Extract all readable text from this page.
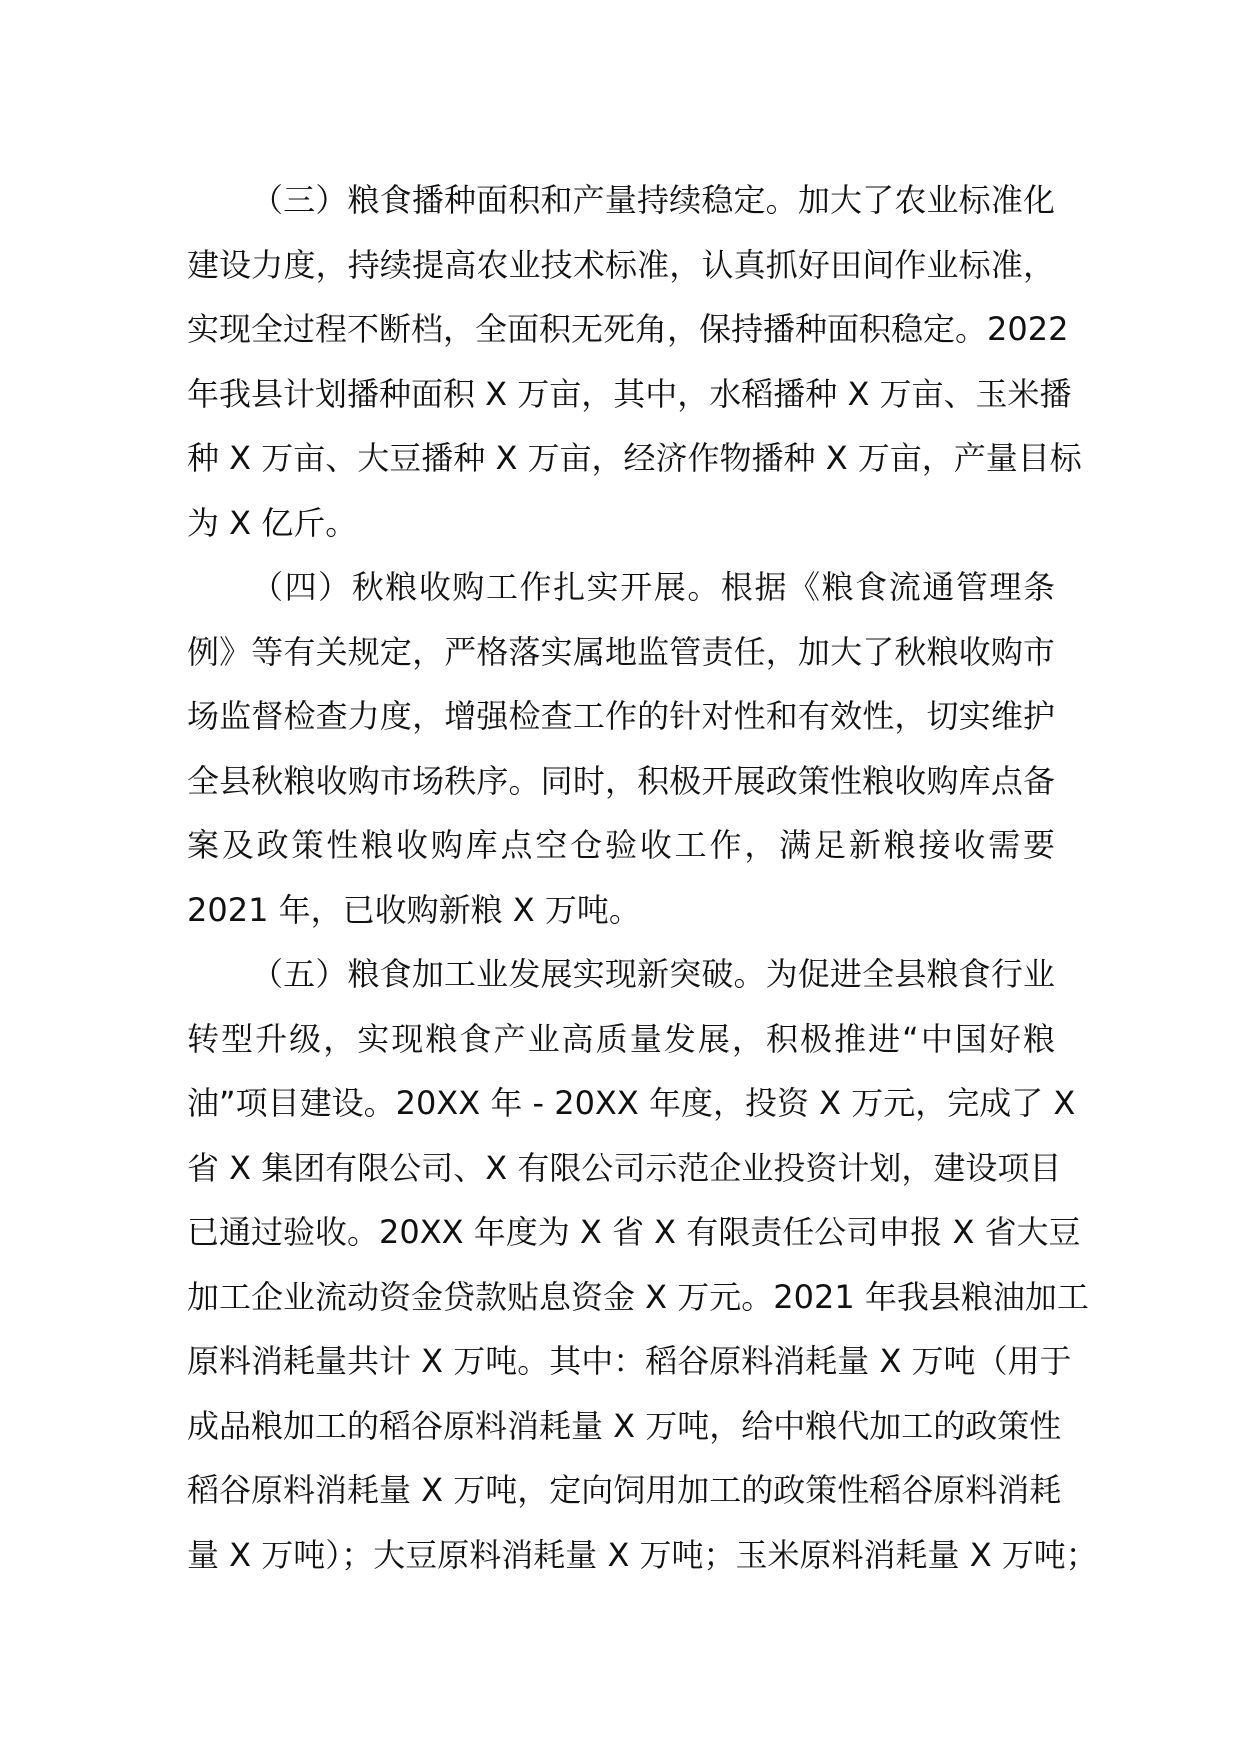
（三）粮食播种面积和产量持续稳定。加大了农业标准化
建设力度，持续提高农业技术标准，认真抓好田间作业标准，
实现全过程不断档，全面积无死角，保持播种面积稳定。2022
年我县计划播种面积 X 万亩，其中，水稻播种 X 万亩、玉米播
种 X 万亩、大豆播种 X 万亩，经济作物播种 X 万亩，产量目标
为 X 亿斤。
（四）秋粮收购工作扎实开展。根据《粮食流通管理条
例》等有关规定，严格落实属地监管责任，加大了秋粮收购市
场监督检查力度，增强检查工作的针对性和有效性，切实维护
全县秋粮收购市场秩序。同时，积极开展政策性粮收购库点备
案及政策性粮收购库点空仓验收工作，满足新粮接收需要
2021 年，已收购新粮 X 万吨。
（五）粮食加工业发展实现新突破。为促进全县粮食行业
转型升级，实现粮食产业高质量发展，积极推进“中国好粮
油”项目建设。20XX 年 - 20XX 年度，投资 X 万元，完成了 X
省 X 集团有限公司、X 有限公司示范企业投资计划，建设项目
已通过验收。20XX 年度为 X 省 X 有限责任公司申报 X 省大豆
加工企业流动资金贷款贴息资金 X 万元。2021 年我县粮油加工
原料消耗量共计 X 万吨。其中：稻谷原料消耗量 X 万吨（用于
成品粮加工的稻谷原料消耗量 X 万吨，给中粮代加工的政策性
稻谷原料消耗量 X 万吨，定向饲用加工的政策性稻谷原料消耗
量 X 万吨）；大豆原料消耗量 X 万吨；玉米原料消耗量 X 万吨；
